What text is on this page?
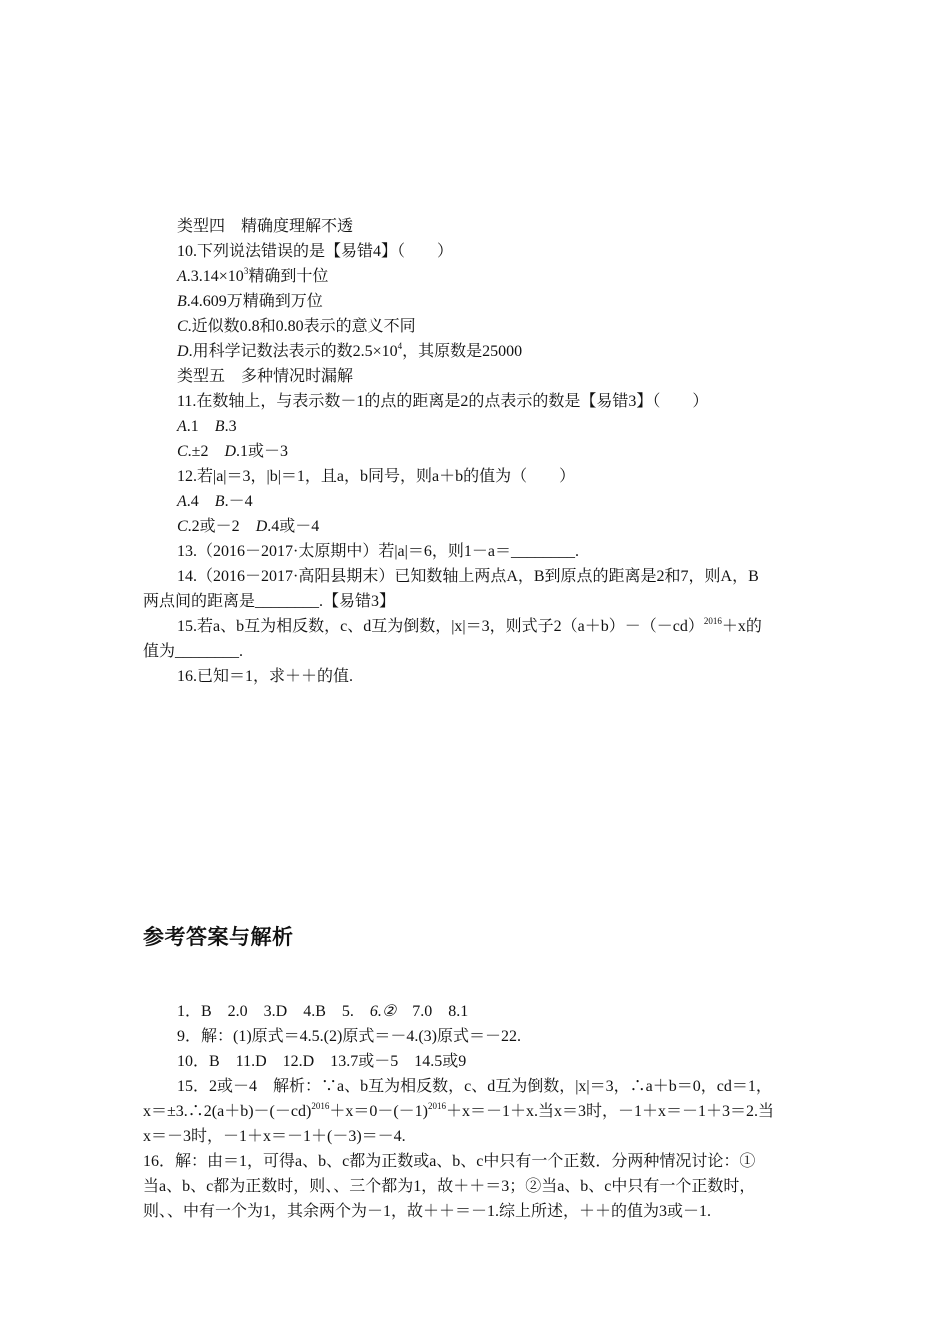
类型四　精确度理解不透
10.下列说法错误的是【易错4】（　　）
$A.3.14\times 10^3$精确到十位
B.4.609万精确到万位
C.近似数0.8和0.80表示的意义不同
D.用科学记数法表示的数$2.5\times 10^4$，其原数是25000
类型五　多种情况时漏解
11.在数轴上，与表示数－1的点的距离是2的点表示的数是【易错3】（　　）
A.1　B.3
C.±2　D.1或－3
12.若|a|＝3，|b|＝1，且a，b同号，则a＋b的值为（　　）
A.4　B.－4
C.2或－2　D.4或－4
13.（2016－2017·太原期中）若|a|＝6，则1－a＝________.
14.（2016－2017·高阳县期末）已知数轴上两点A，B到原点的距离是2和7，则A，B
两点间的距离是________.【易错3】
15.若a、b互为相反数，c、d互为倒数，|x|＝3，则式子$2(a+b)-(-cd)^{2016}+x$的
值为________.
16.已知＝1，求＋＋的值.
参考答案与解析
1．B　2.0　3.D　4.B　5.　6.②　7.0　8.1
9．解：(1)原式＝4.5.(2)原式＝－4.(3)原式＝－22.
10．B　11.D　12.D　13.7或－5　14.5或9
15．2或－4　解析：∵a、b互为相反数，c、d互为倒数，|x|＝3，∴a＋b＝0，cd＝1，
$x=\pm 3.\therefore 2(a+b)-(-cd)^{2016}+x=0-(-1)^{2016}+x=-1+x$.当x＝3时，－1＋x＝－1＋3＝2.当
x＝－3时，－1＋x＝－1＋(－3)＝－4.
16．解：由＝1，可得a、b、c都为正数或a、b、c中只有一个正数．分两种情况讨论：①
当a、b、c都为正数时，则、、三个都为1，故＋＋＝3；②当a、b、c中只有一个正数时，
则、、中有一个为1，其余两个为－1，故＋＋＝－1.综上所述，＋＋的值为3或－1.
